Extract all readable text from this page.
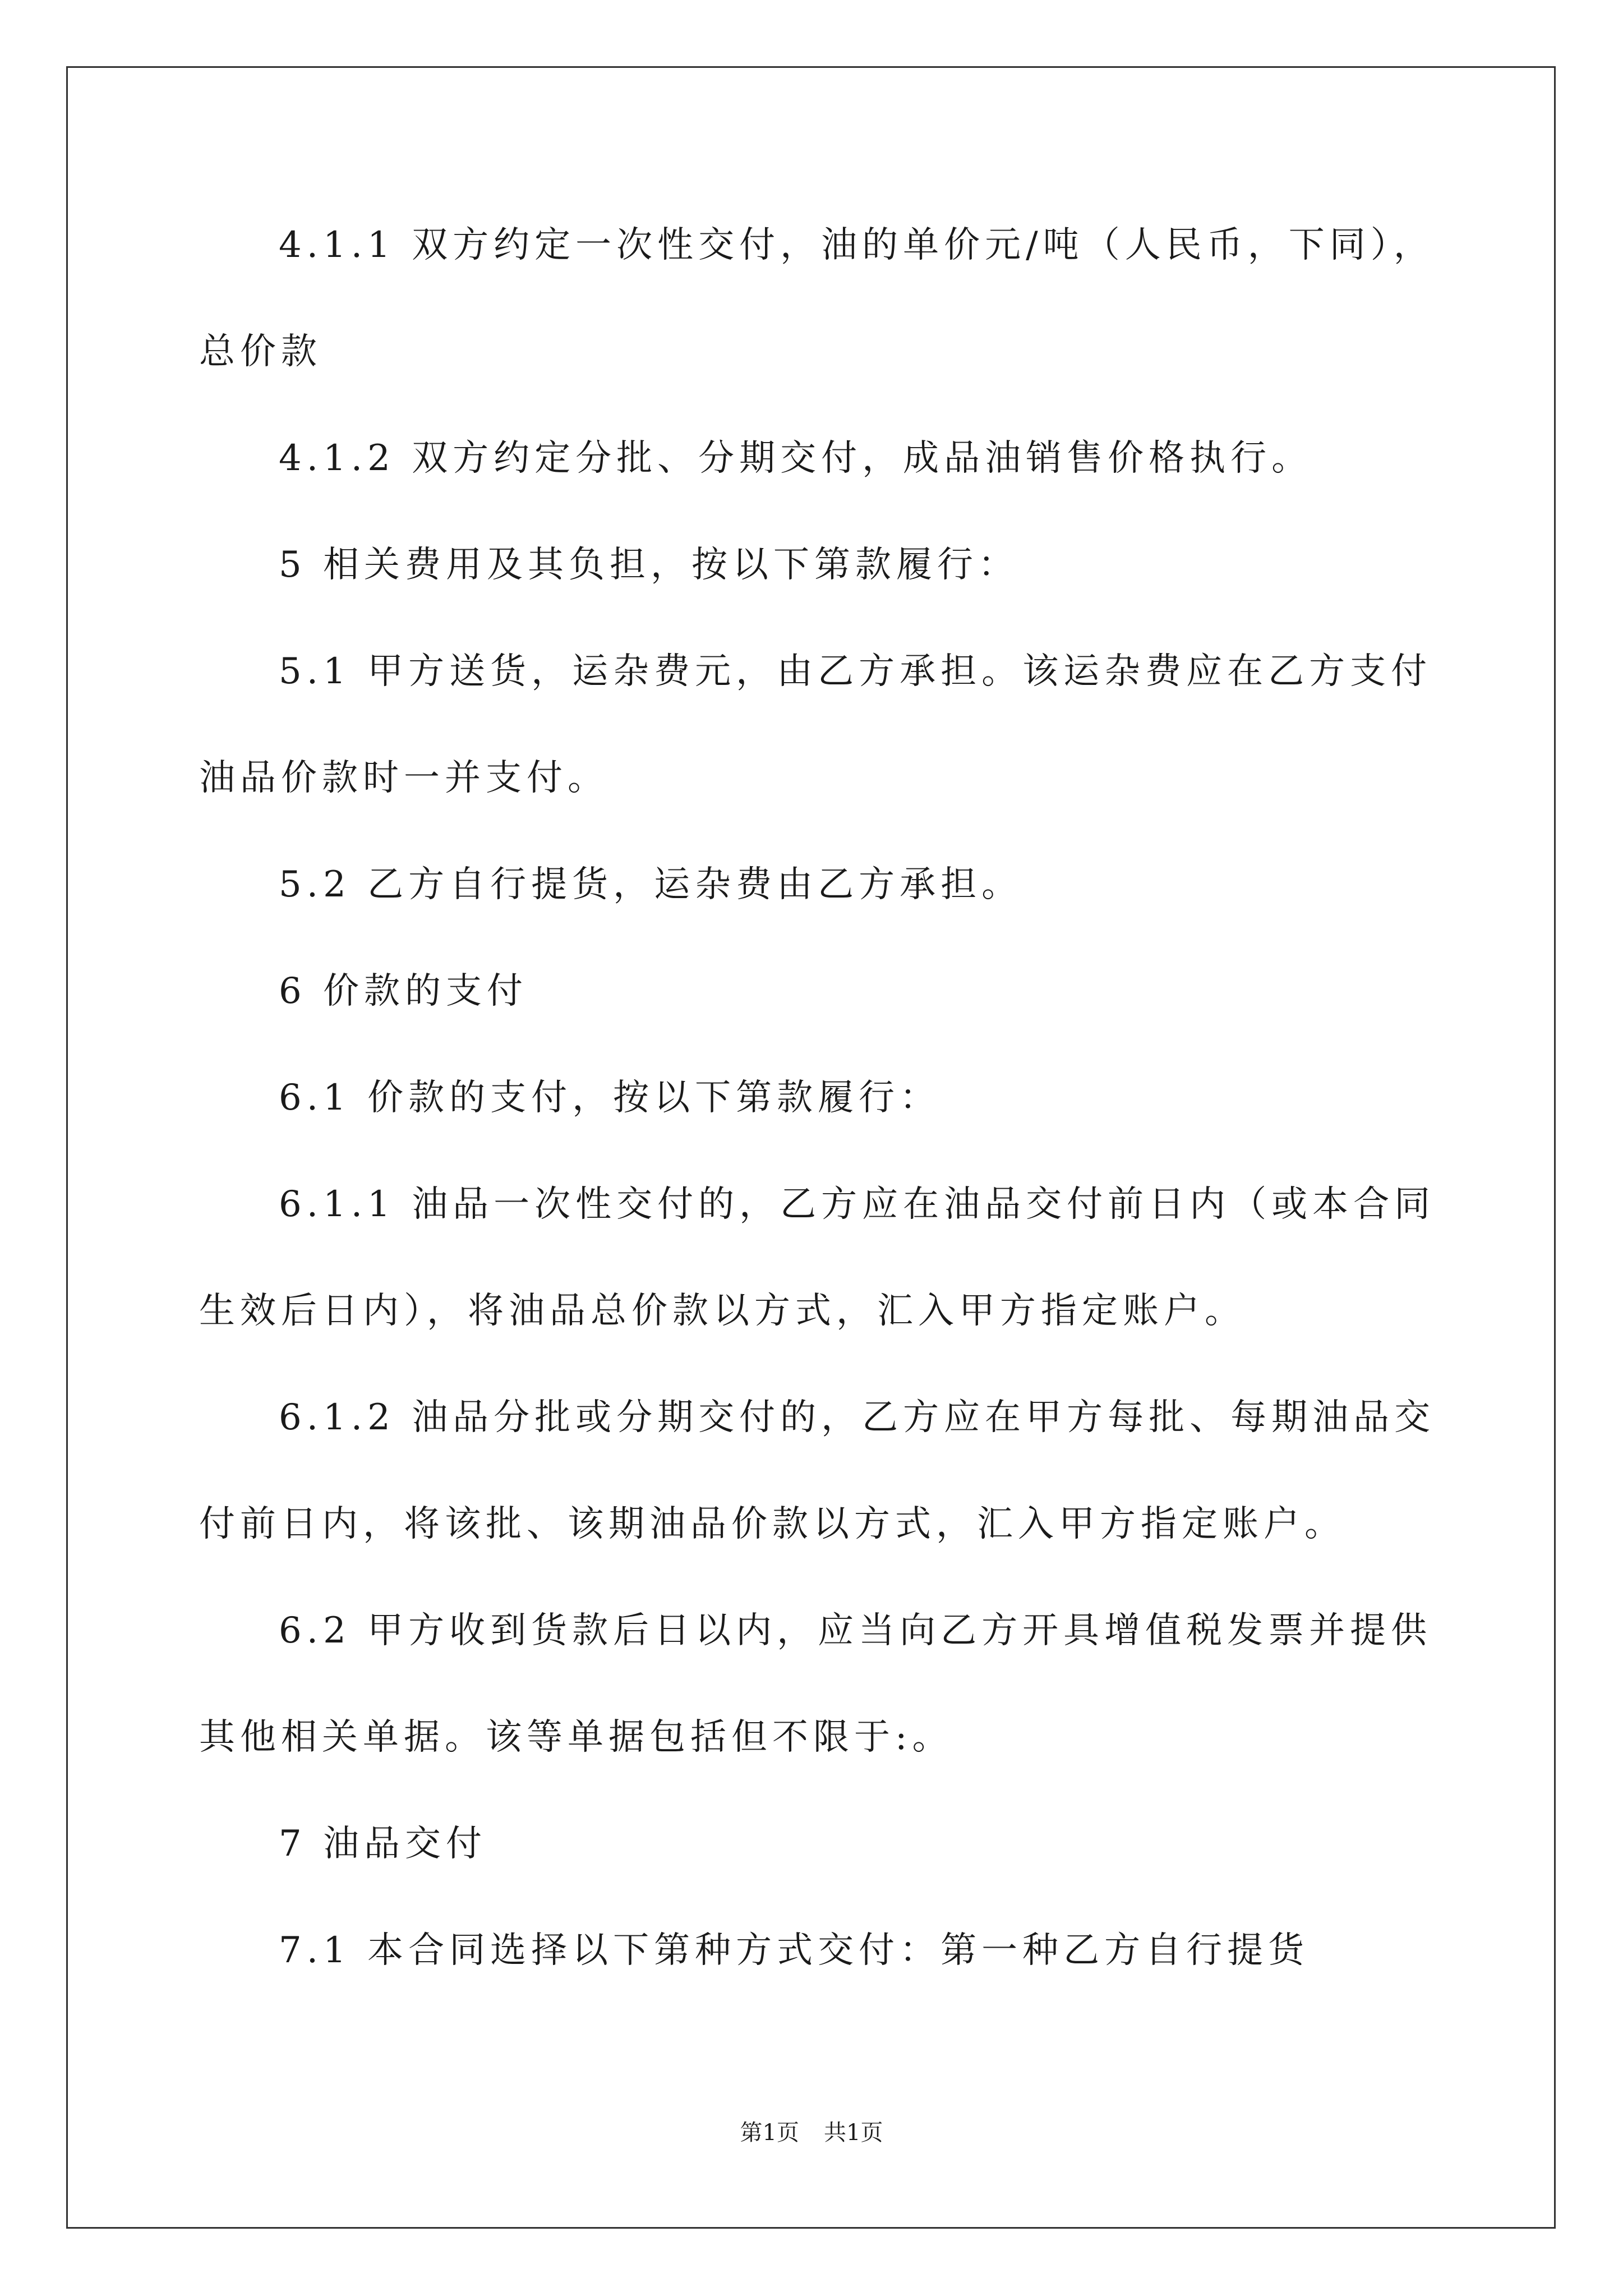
4.1.1 双方约定一次性交付，油的单价元/吨（人民币，下同），
总价款
4.1.2 双方约定分批、分期交付，成品油销售价格执行。
5 相关费用及其负担，按以下第款履行：
5.1 甲方送货，运杂费元，由乙方承担。该运杂费应在乙方支付
油品价款时一并支付。
5.2 乙方自行提货，运杂费由乙方承担。
6 价款的支付
6.1 价款的支付，按以下第款履行：
6.1.1 油品一次性交付的，乙方应在油品交付前日内（或本合同
生效后日内），将油品总价款以方式，汇入甲方指定账户。
6.1.2 油品分批或分期交付的，乙方应在甲方每批、每期油品交
付前日内，将该批、该期油品价款以方式，汇入甲方指定账户。
6.2 甲方收到货款后日以内，应当向乙方开具增值税发票并提供
其他相关单据。该等单据包括但不限于:。
7 油品交付
7.1 本合同选择以下第种方式交付：第一种乙方自行提货
第1页 共1页
